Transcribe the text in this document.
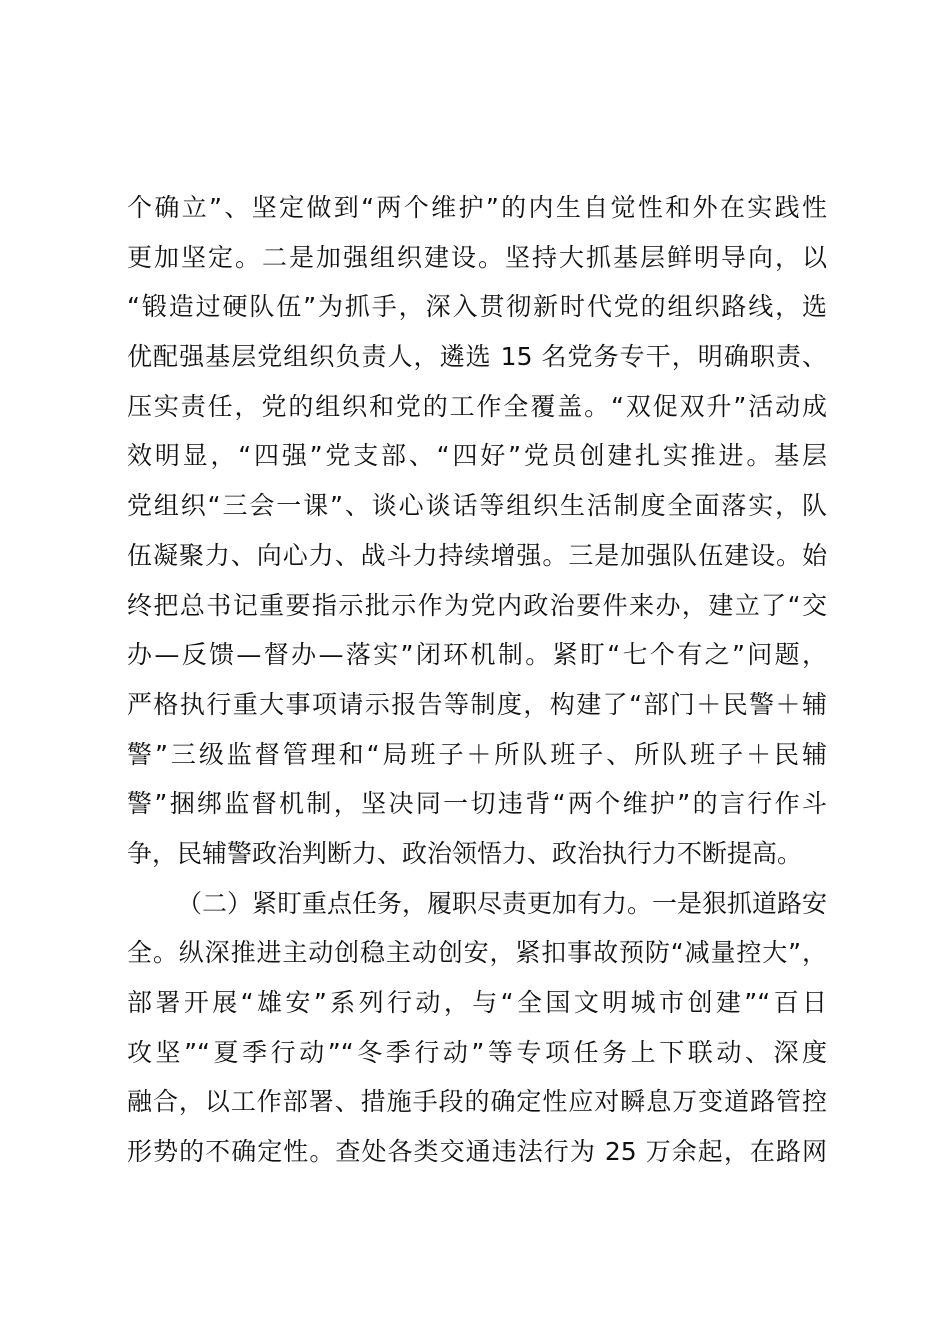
个确立”、坚定做到“两个维护”的内生自觉性和外在实践性
更加坚定。二是加强组织建设。坚持大抓基层鲜明导向，以
“锻造过硬队伍”为抓手，深入贯彻新时代党的组织路线，选
优配强基层党组织负责人，遴选 15 名党务专干，明确职责、
压实责任，党的组织和党的工作全覆盖。“双促双升”活动成
效明显，“四强”党支部、“四好”党员创建扎实推进。基层
党组织“三会一课”、谈心谈话等组织生活制度全面落实，队
伍凝聚力、向心力、战斗力持续增强。三是加强队伍建设。始
终把总书记重要指示批示作为党内政治要件来办，建立了“交
办—反馈—督办—落实”闭环机制。紧盯“七个有之”问题，
严格执行重大事项请示报告等制度，构建了“部门＋民警＋辅
警”三级监督管理和“局班子＋所队班子、所队班子＋民辅
警”捆绑监督机制，坚决同一切违背“两个维护”的言行作斗
争，民辅警政治判断力、政治领悟力、政治执行力不断提高。
（二）紧盯重点任务，履职尽责更加有力。一是狠抓道路安
全。纵深推进主动创稳主动创安，紧扣事故预防“减量控大”，
部署开展“雄安”系列行动，与“全国文明城市创建”“百日
攻坚”“夏季行动”“冬季行动”等专项任务上下联动、深度
融合，以工作部署、措施手段的确定性应对瞬息万变道路管控
形势的不确定性。查处各类交通违法行为 25 万余起，在路网
